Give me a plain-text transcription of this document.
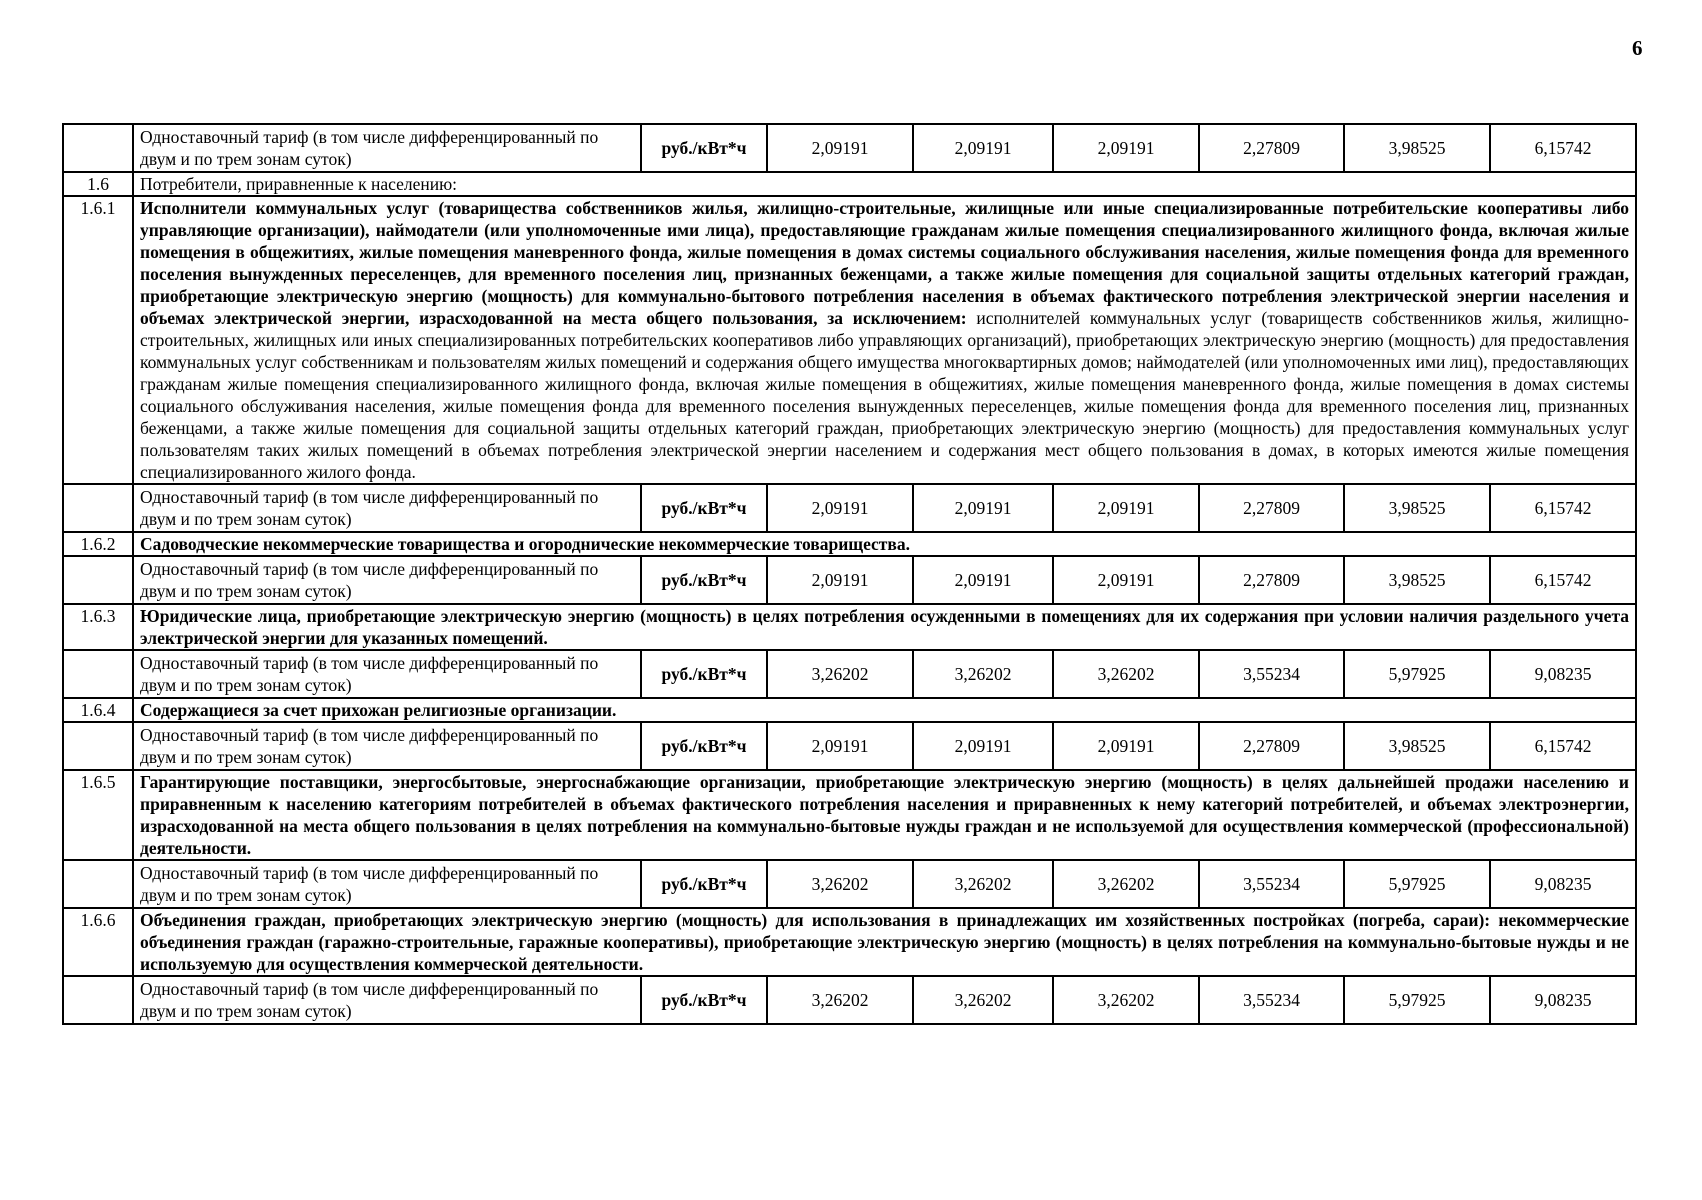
6
	Одноставочный тариф (в том числе дифференцированный по двум и по трем зонам суток)	руб./кВт*ч	2,09191	2,09191	2,09191	2,27809	3,98525	6,15742
1.6	Потребители, приравненные к населению:							
1.6.1	Исполнители коммунальных услуг (товарищества собственников жилья, жилищно-строительные, жилищные или иные специализированные потребительские кооперативы либо управляющие организации), наймодатели (или уполномоченные ими лица), предоставляющие гражданам жилые помещения специализированного жилищного фонда, включая жилые помещения в общежитиях, жилые помещения маневренного фонда, жилые помещения в домах системы социального обслуживания населения, жилые помещения фонда для временного поселения вынужденных переселенцев, для временного поселения лиц, признанных беженцами, а также жилые помещения для социальной защиты отдельных категорий граждан, приобретающие электрическую энергию (мощность) для коммунально-бытового потребления населения в объемах фактического потребления электрической энергии населения и объемах электрической энергии, израсходованной на места общего пользования, за исключением: исполнителей коммунальных услуг (товариществ собственников жилья, жилищно-строительных, жилищных или иных специализированных потребительских кооперативов либо управляющих организаций), приобретающих электрическую энергию (мощность) для предоставления коммунальных услуг собственникам и пользователям жилых помещений и содержания общего имущества многоквартирных домов; наймодателей (или уполномоченных ими лиц), предоставляющих гражданам жилые помещения специализированного жилищного фонда, включая жилые помещения в общежитиях, жилые помещения маневренного фонда, жилые помещения в домах системы социального обслуживания населения, жилые помещения фонда для временного поселения вынужденных переселенцев, жилые помещения фонда для временного поселения лиц, признанных беженцами, а также жилые помещения для социальной защиты отдельных категорий граждан, приобретающих электрическую энергию (мощность) для предоставления коммунальных услуг пользователям таких жилых помещений в объемах потребления электрической энергии населением и содержания мест общего пользования в домах, в которых имеются жилые помещения специализированного жилого фонда.							
	Одноставочный тариф (в том числе дифференцированный по двум и по трем зонам суток)	руб./кВт*ч	2,09191	2,09191	2,09191	2,27809	3,98525	6,15742
1.6.2	Садоводческие некоммерческие товарищества и огороднические некоммерческие товарищества.							
	Одноставочный тариф (в том числе дифференцированный по двум и по трем зонам суток)	руб./кВт*ч	2,09191	2,09191	2,09191	2,27809	3,98525	6,15742
1.6.3	Юридические лица, приобретающие электрическую энергию (мощность) в целях потребления осужденными в помещениях для их содержания при условии наличия раздельного учета электрической энергии для указанных помещений.							
	Одноставочный тариф (в том числе дифференцированный по двум и по трем зонам суток)	руб./кВт*ч	3,26202	3,26202	3,26202	3,55234	5,97925	9,08235
1.6.4	Содержащиеся за счет прихожан религиозные организации.							
	Одноставочный тариф (в том числе дифференцированный по двум и по трем зонам суток)	руб./кВт*ч	2,09191	2,09191	2,09191	2,27809	3,98525	6,15742
1.6.5	Гарантирующие поставщики, энергосбытовые, энергоснабжающие организации, приобретающие электрическую энергию (мощность) в целях дальнейшей продажи населению и приравненным к населению категориям потребителей в объемах фактического потребления населения и приравненных к нему категорий потребителей, и объемах электроэнергии, израсходованной на места общего пользования в целях потребления на коммунально-бытовые нужды граждан и не используемой для осуществления коммерческой (профессиональной) деятельности.							
	Одноставочный тариф (в том числе дифференцированный по двум и по трем зонам суток)	руб./кВт*ч	3,26202	3,26202	3,26202	3,55234	5,97925	9,08235
1.6.6	Объединения граждан, приобретающих электрическую энергию (мощность) для использования в принадлежащих им хозяйственных постройках (погреба, сараи): некоммерческие объединения граждан (гаражно-строительные, гаражные кооперативы), приобретающие электрическую энергию (мощность) в целях потребления на коммунально-бытовые нужды и не используемую для осуществления коммерческой деятельности.							
	Одноставочный тариф (в том числе дифференцированный по двум и по трем зонам суток)	руб./кВт*ч	3,26202	3,26202	3,26202	3,55234	5,97925	9,08235
